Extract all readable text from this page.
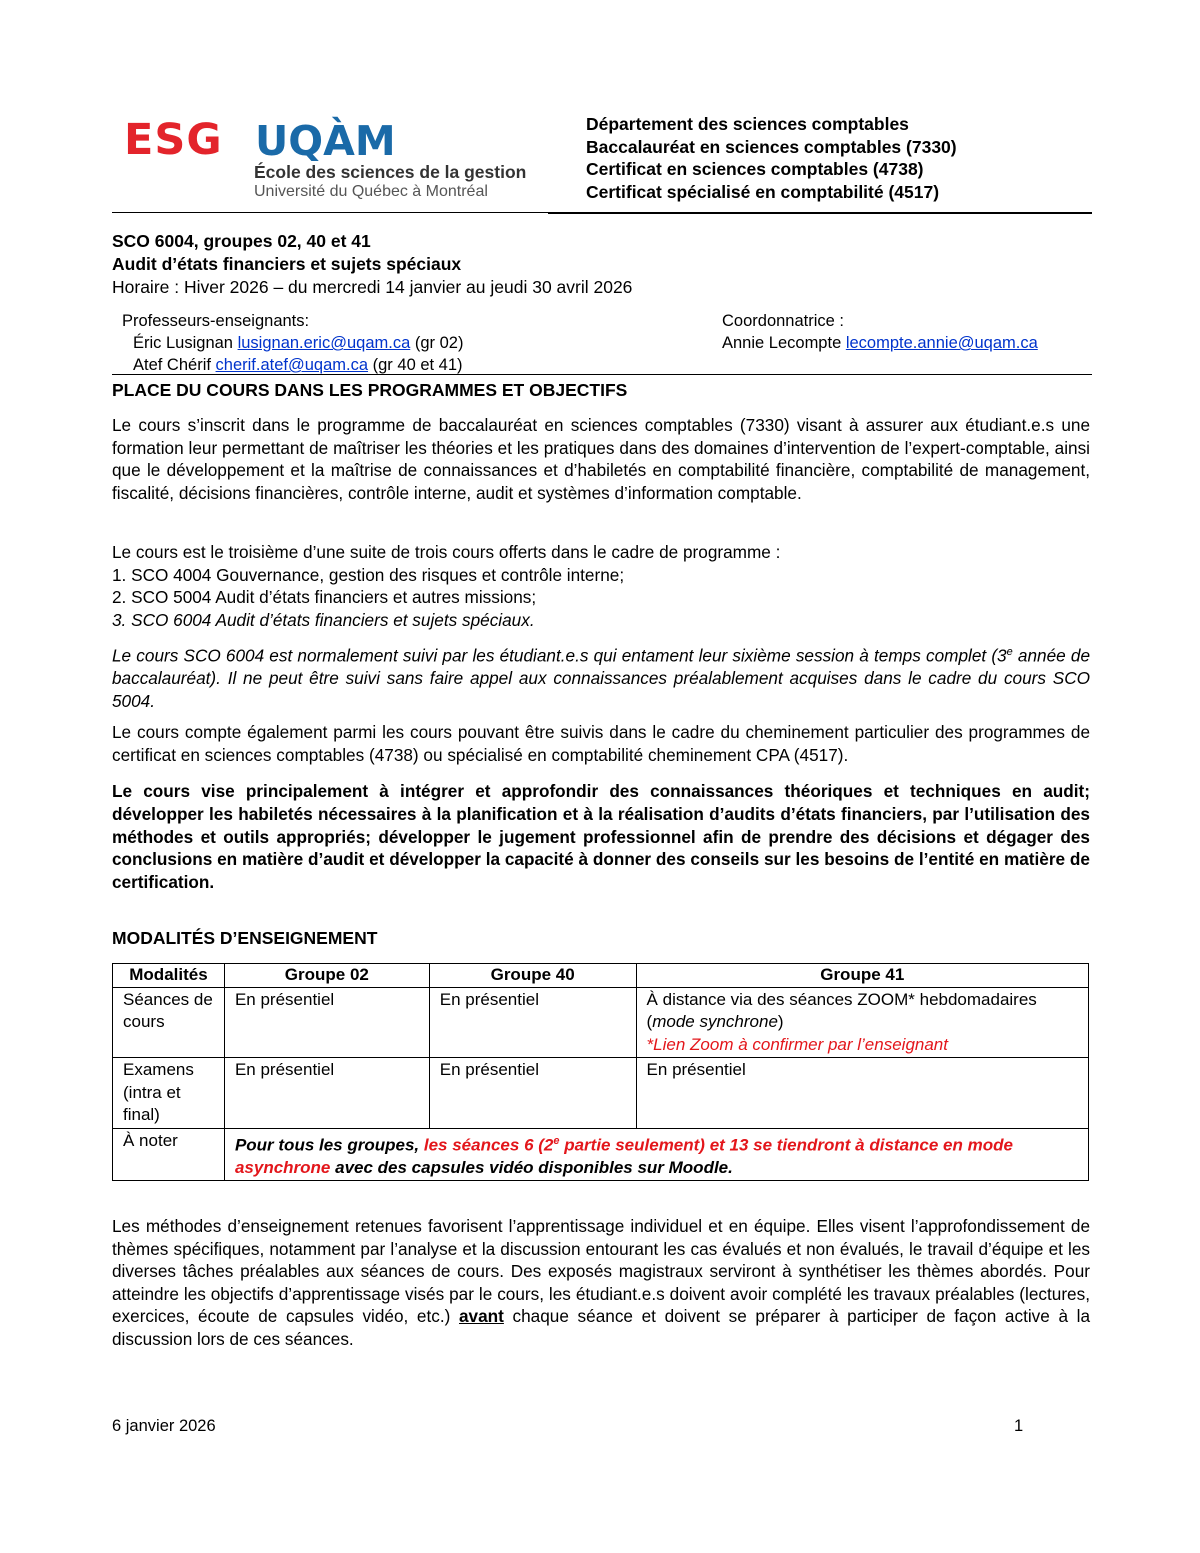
ESG UQÀM
École des sciences de la gestion
Université du Québec à Montréal
Département des sciences comptables
Baccalauréat en sciences comptables (7330)
Certificat en sciences comptables (4738)
Certificat spécialisé en comptabilité (4517)
SCO 6004, groupes 02, 40 et 41
Audit d’états financiers et sujets spéciaux
Horaire : Hiver 2026 – du mercredi 14 janvier au jeudi 30 avril 2026
Professeurs-enseignants:
Éric Lusignan lusignan.eric@uqam.ca (gr 02)
Atef Chérif cherif.atef@uqam.ca (gr 40 et 41)
Coordonnatrice :
Annie Lecompte lecompte.annie@uqam.ca
PLACE DU COURS DANS LES PROGRAMMES ET OBJECTIFS
Le cours s’inscrit dans le programme de baccalauréat en sciences comptables (7330) visant à assurer aux étudiant.e.s une formation leur permettant de maîtriser les théories et les pratiques dans des domaines d’intervention de l’expert-comptable, ainsi que le développement et la maîtrise de connaissances et d’habiletés en comptabilité financière, comptabilité de management, fiscalité, décisions financières, contrôle interne, audit et systèmes d’information comptable.
Le cours est le troisième d’une suite de trois cours offerts dans le cadre de programme :
1. SCO 4004 Gouvernance, gestion des risques et contrôle interne;
2. SCO 5004 Audit d’états financiers et autres missions;
3. SCO 6004 Audit d’états financiers et sujets spéciaux.
Le cours SCO 6004 est normalement suivi par les étudiant.e.s qui entament leur sixième session à temps complet (3e année de baccalauréat). Il ne peut être suivi sans faire appel aux connaissances préalablement acquises dans le cadre du cours SCO 5004.
Le cours compte également parmi les cours pouvant être suivis dans le cadre du cheminement particulier des programmes de certificat en sciences comptables (4738) ou spécialisé en comptabilité cheminement CPA (4517).
Le cours vise principalement à intégrer et approfondir des connaissances théoriques et techniques en audit; développer les habiletés nécessaires à la planification et à la réalisation d’audits d’états financiers, par l’utilisation des méthodes et outils appropriés; développer le jugement professionnel afin de prendre des décisions et dégager des conclusions en matière d’audit et développer la capacité à donner des conseils sur les besoins de l’entité en matière de certification.
MODALITÉS D’ENSEIGNEMENT
Modalités	Groupe 02	Groupe 40	Groupe 41
Séances de cours	En présentiel	En présentiel	À distance via des séances ZOOM* hebdomadaires (mode synchrone)
*Lien Zoom à confirmer par l’enseignant

Examens (intra et final)	En présentiel	En présentiel	En présentiel
À noter	Pour tous les groupes, les séances 6 (2e partie seulement) et 13 se tiendront à distance en mode asynchrone avec des capsules vidéo disponibles sur Moodle.		
Les méthodes d’enseignement retenues favorisent l’apprentissage individuel et en équipe. Elles visent l’approfondissement de thèmes spécifiques, notamment par l’analyse et la discussion entourant les cas évalués et non évalués, le travail d’équipe et les diverses tâches préalables aux séances de cours. Des exposés magistraux serviront à synthétiser les thèmes abordés. Pour atteindre les objectifs d’apprentissage visés par le cours, les étudiant.e.s doivent avoir complété les travaux préalables (lectures, exercices, écoute de capsules vidéo, etc.) avant chaque séance et doivent se préparer à participer de façon active à la discussion lors de ces séances.
6 janvier 2026	1
